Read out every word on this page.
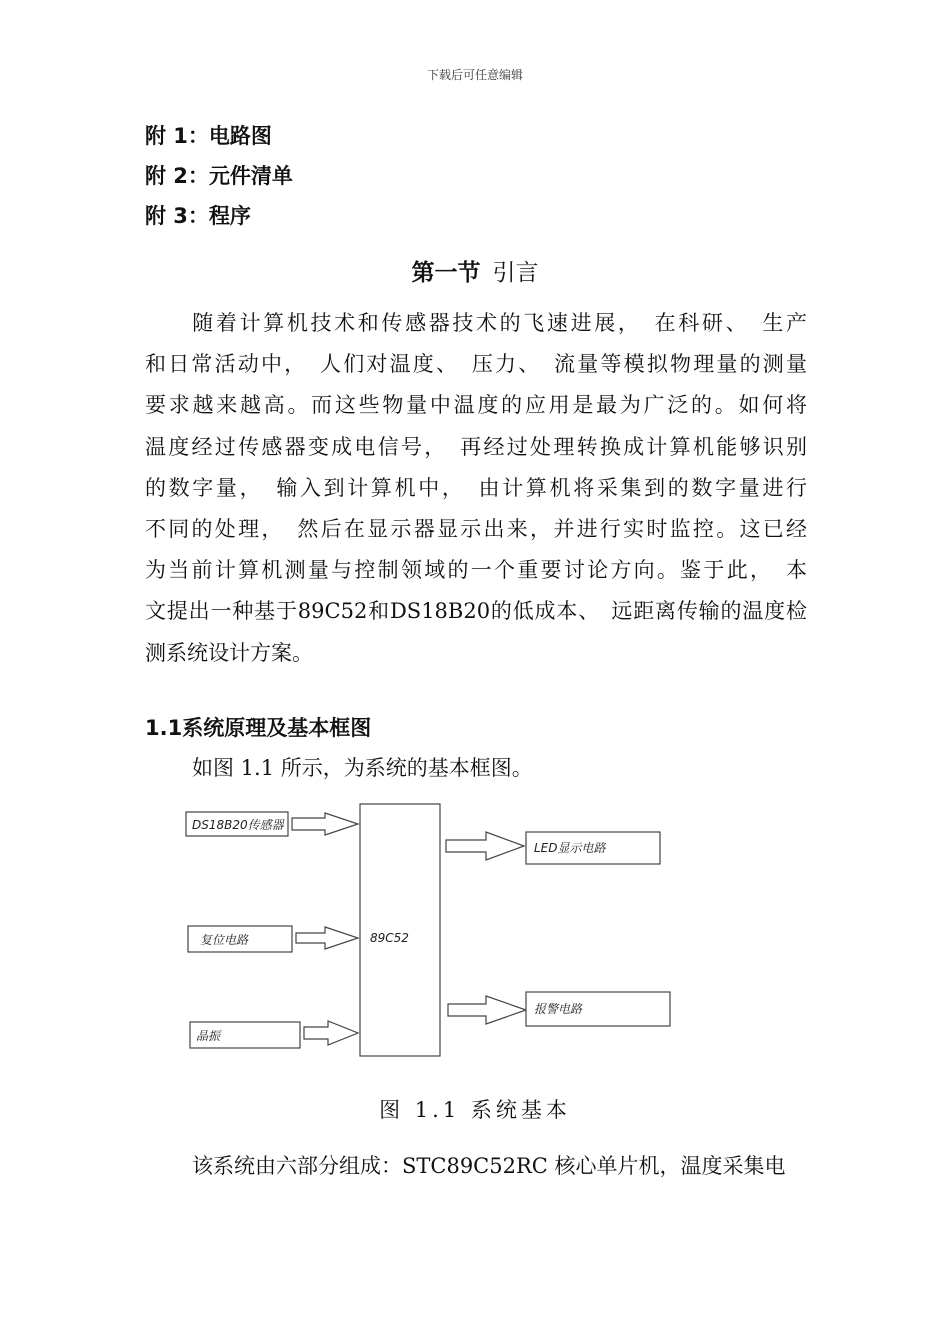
下载后可任意编辑
附 1：电路图
附 2：元件清单
附 3：程序
第一节 引言
　　随着计算机技术和传感器技术的飞速进展，　在科研、　生产
和日常活动中，　人们对温度、　压力、　流量等模拟物理量的测量
要求越来越高。而这些物量中温度的应用是最为广泛的。如何将
温度经过传感器变成电信号，　再经过处理转换成计算机能够识别
的数字量，　输入到计算机中，　由计算机将采集到的数字量进行
不同的处理，　然后在显示器显示出来，并进行实时监控。这已经
为当前计算机测量与控制领域的一个重要讨论方向。鉴于此，　本
文提出一种基于89C52和DS18B20的低成本、　远距离传输的温度检
测系统设计方案。
1.1系统原理及基本框图
如图 1.1 所示，为系统的基本框图。
DS18B20传感器
复位电路
晶振
89C52
LED显示电路
报警电路
图 1.1 系统基本
该系统由六部分组成：STC89C52RC 核心单片机，温度采集电
